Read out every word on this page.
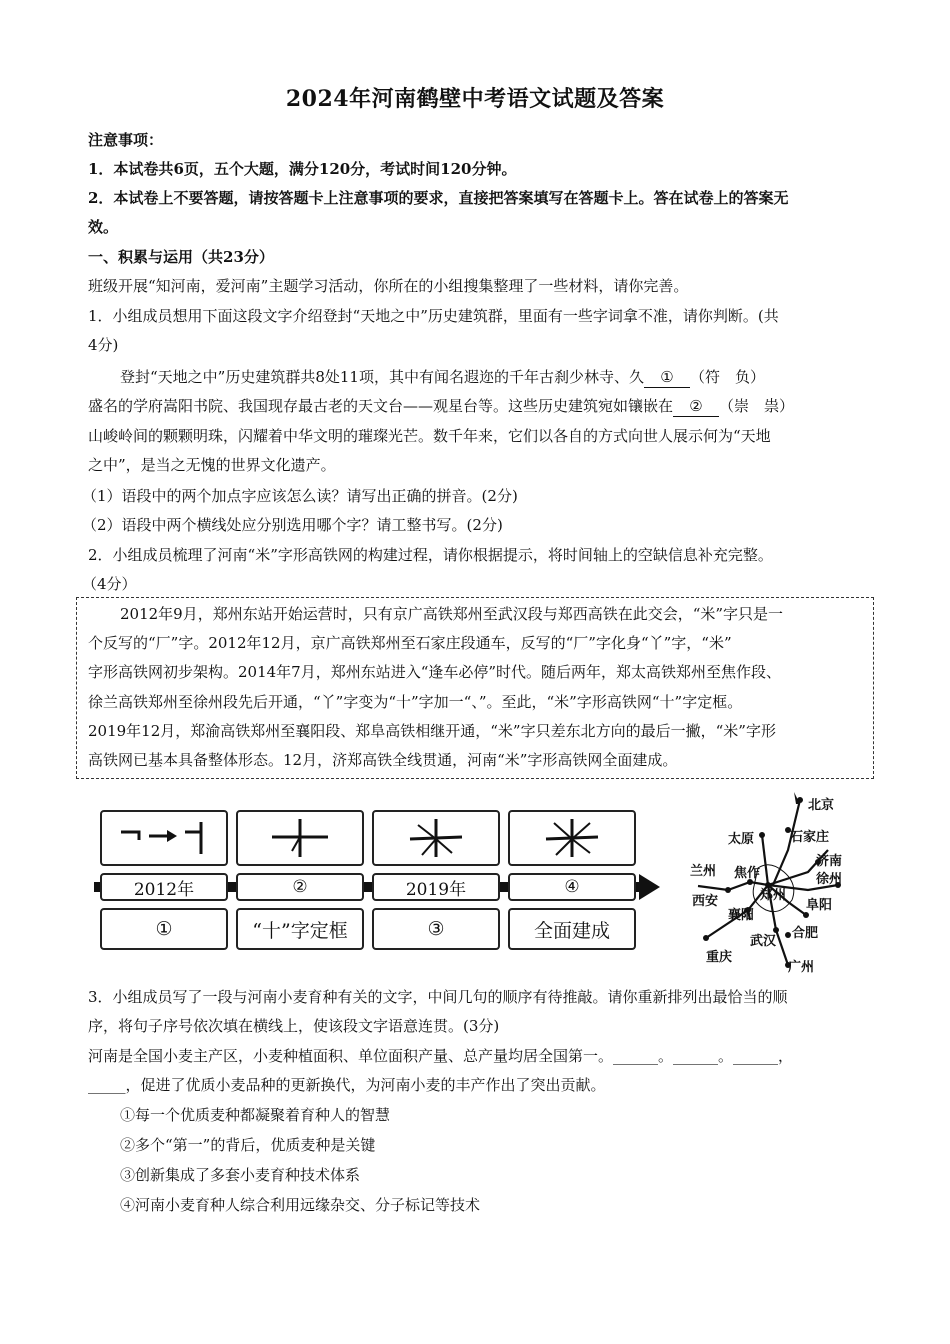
2024年河南鹤壁中考语文试题及答案
注意事项：
1．本试卷共6页，五个大题，满分120分，考试时间120分钟。
2．本试卷上不要答题，请按答题卡上注意事项的要求，直接把答案填写在答题卡上。答在试卷上的答案无
效。
一、积累与运用（共23分）
班级开展“知河南，爱河南”主题学习活动，你所在的小组搜集整理了一些材料，请你完善。
1．小组成员想用下面这段文字介绍登封“天地之中”历史建筑群，里面有一些字词拿不准，请你判断。(共
4分)
登封“天地之中”历史建筑群共8处11项，其中有闻名遐迩的千年古刹少林寺、久 ① （符　负）
盛名的学府嵩阳书院、我国现存最古老的天文台——观星台等。这些历史建筑宛如镶嵌在 ② （崇　祟）
山峻岭间的颗颗明珠，闪耀着中华文明的璀璨光芒。数千年来，它们以各自的方式向世人展示何为“天地
之中”，是当之无愧的世界文化遗产。
（1）语段中的两个加点字应该怎么读？请写出正确的拼音。(2分)
（2）语段中两个横线处应分别选用哪个字？请工整书写。(2分)
2．小组成员梳理了河南“米”字形高铁网的构建过程，请你根据提示，将时间轴上的空缺信息补充完整。
（4分）
2012年9月，郑州东站开始运营时，只有京广高铁郑州至武汉段与郑西高铁在此交会，“米”字只是一
个反写的“厂”字。2012年12月，京广高铁郑州至石家庄段通车，反写的“厂”字化身“丫”字，“米”
字形高铁网初步架构。2014年7月，郑州东站进入“逢车必停”时代。随后两年，郑太高铁郑州至焦作段、
徐兰高铁郑州至徐州段先后开通，“丫”字变为“十”字加一“、”。至此，“米”字形高铁网“十”字定框。
2019年12月，郑渝高铁郑州至襄阳段、郑阜高铁相继开通，“米”字只差东北方向的最后一撇，“米”字形
高铁网已基本具备整体形态。12月，济郑高铁全线贯通，河南“米”字形高铁网全面建成。
2012年	②	2019年	④
①	“十”字定框	③	全面建成
北京
太原	石家庄
兰州 焦作
济南
徐州
西安	郑州
襄阳
阜阳
武汉
合肥
重庆
广州
3．小组成员写了一段与河南小麦育种有关的文字，中间几句的顺序有待推敲。请你重新排列出最恰当的顺
序，将句子序号依次填在横线上，使该段文字语意连贯。(3分)
河南是全国小麦主产区，小麦种植面积、单位面积产量、总产量均居全国第一。______。______。______，
_____，促进了优质小麦品种的更新换代，为河南小麦的丰产作出了突出贡献。
①每一个优质麦种都凝聚着育种人的智慧
②多个“第一”的背后，优质麦种是关键
③创新集成了多套小麦育种技术体系
④河南小麦育种人综合利用远缘杂交、分子标记等技术
